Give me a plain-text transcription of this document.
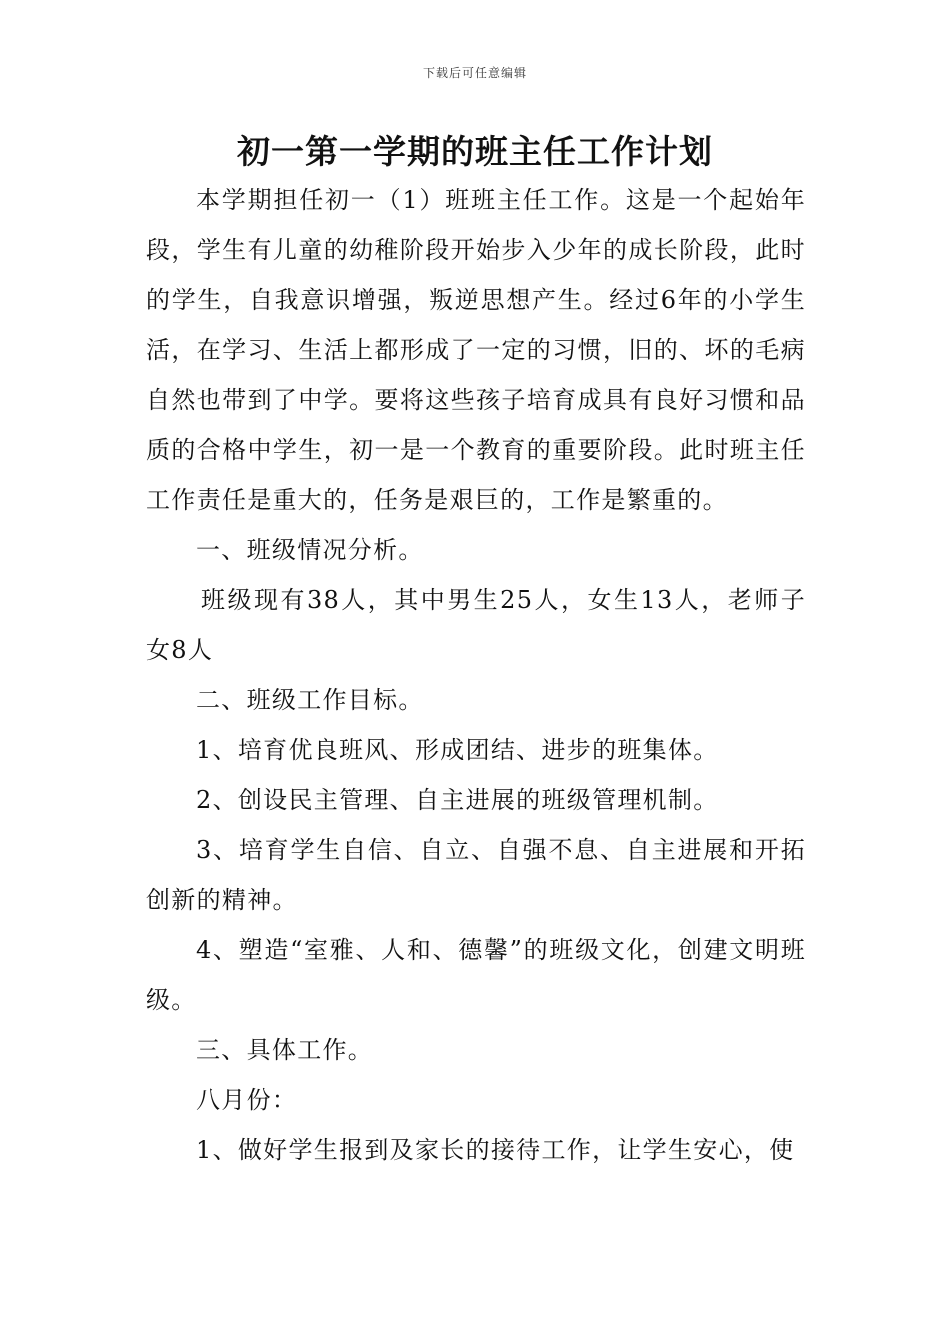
下载后可任意编辑
初一第一学期的班主任工作计划

本学期担任初一（1）班班主任工作。这是一个起始年段，学生有儿童的幼稚阶段开始步入少年的成长阶段，此时的学生，自我意识增强，叛逆思想产生。经过6年的小学生活，在学习、生活上都形成了一定的习惯，旧的、坏的毛病自然也带到了中学。要将这些孩子培育成具有良好习惯和品质的合格中学生，初一是一个教育的重要阶段。此时班主任工作责任是重大的，任务是艰巨的，工作是繁重的。

一、班级情况分析。

班级现有38人，其中男生25人，女生13人，老师子女8人

二、班级工作目标。

1、培育优良班风、形成团结、进步的班集体。

2、创设民主管理、自主进展的班级管理机制。

3、培育学生自信、自立、自强不息、自主进展和开拓创新的精神。

4、塑造“室雅、人和、德馨”的班级文化，创建文明班级。

三、具体工作。

八月份：

1、做好学生报到及家长的接待工作，让学生安心，使
